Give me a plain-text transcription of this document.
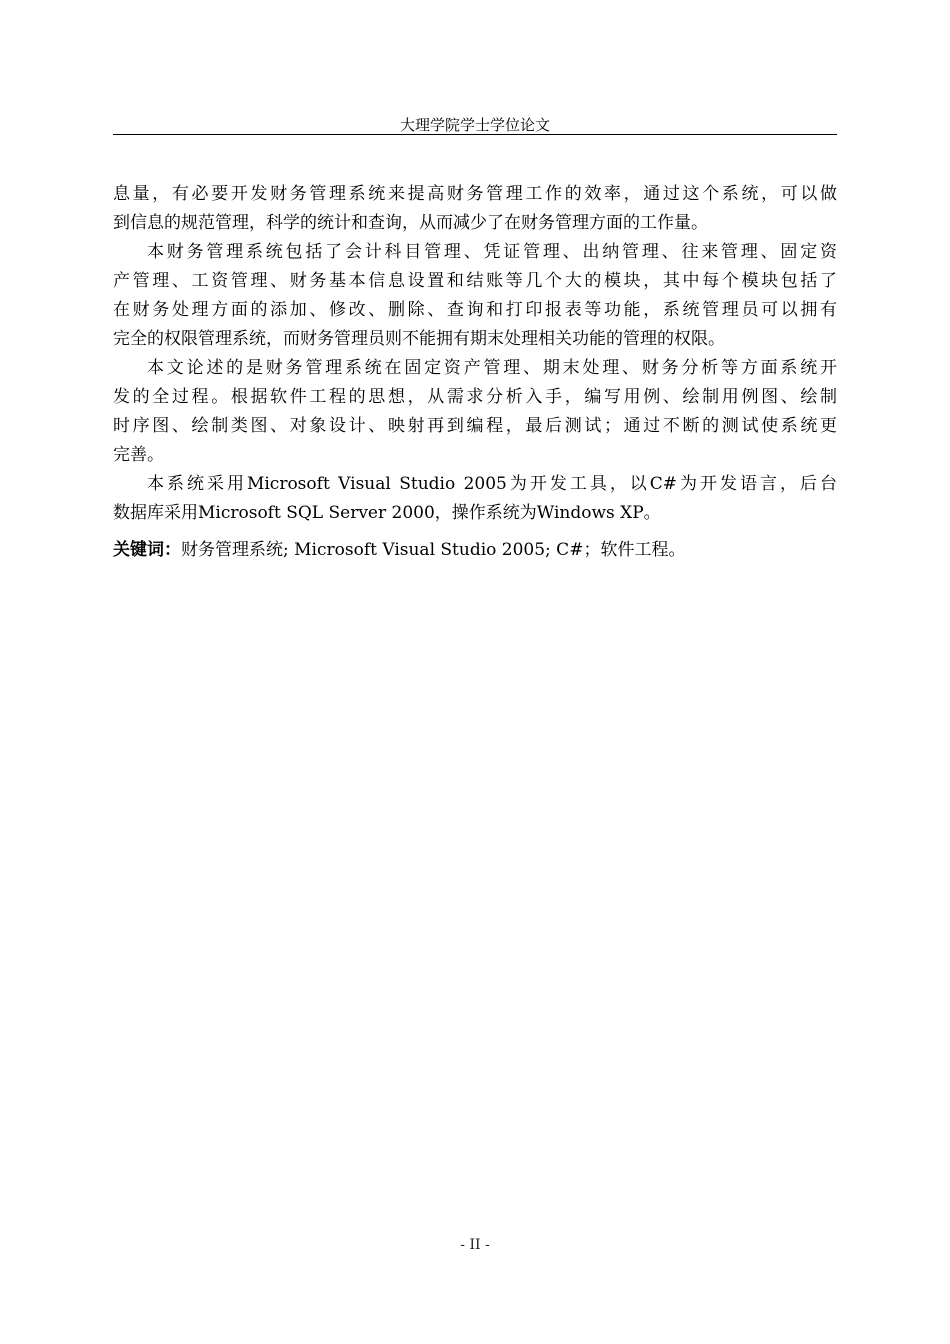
大理学院学士学位论文
息量，有必要开发财务管理系统来提高财务管理工作的效率，通过这个系统，可以做
到信息的规范管理，科学的统计和查询，从而减少了在财务管理方面的工作量。
本财务管理系统包括了会计科目管理、凭证管理、出纳管理、往来管理、固定资
产管理、工资管理、财务基本信息设置和结账等几个大的模块，其中每个模块包括了
在财务处理方面的添加、修改、删除、查询和打印报表等功能，系统管理员可以拥有
完全的权限管理系统，而财务管理员则不能拥有期末处理相关功能的管理的权限。
本文论述的是财务管理系统在固定资产管理、期末处理、财务分析等方面系统开
发的全过程。根据软件工程的思想，从需求分析入手，编写用例、绘制用例图、绘制
时序图、绘制类图、对象设计、映射再到编程，最后测试；通过不断的测试使系统更
完善。
本系统采用Microsoft Visual Studio 2005为开发工具，以C#为开发语言，后台
数据库采用Microsoft SQL Server 2000，操作系统为Windows XP。
关键词：财务管理系统; Microsoft Visual Studio 2005; C#；软件工程。
- II -
